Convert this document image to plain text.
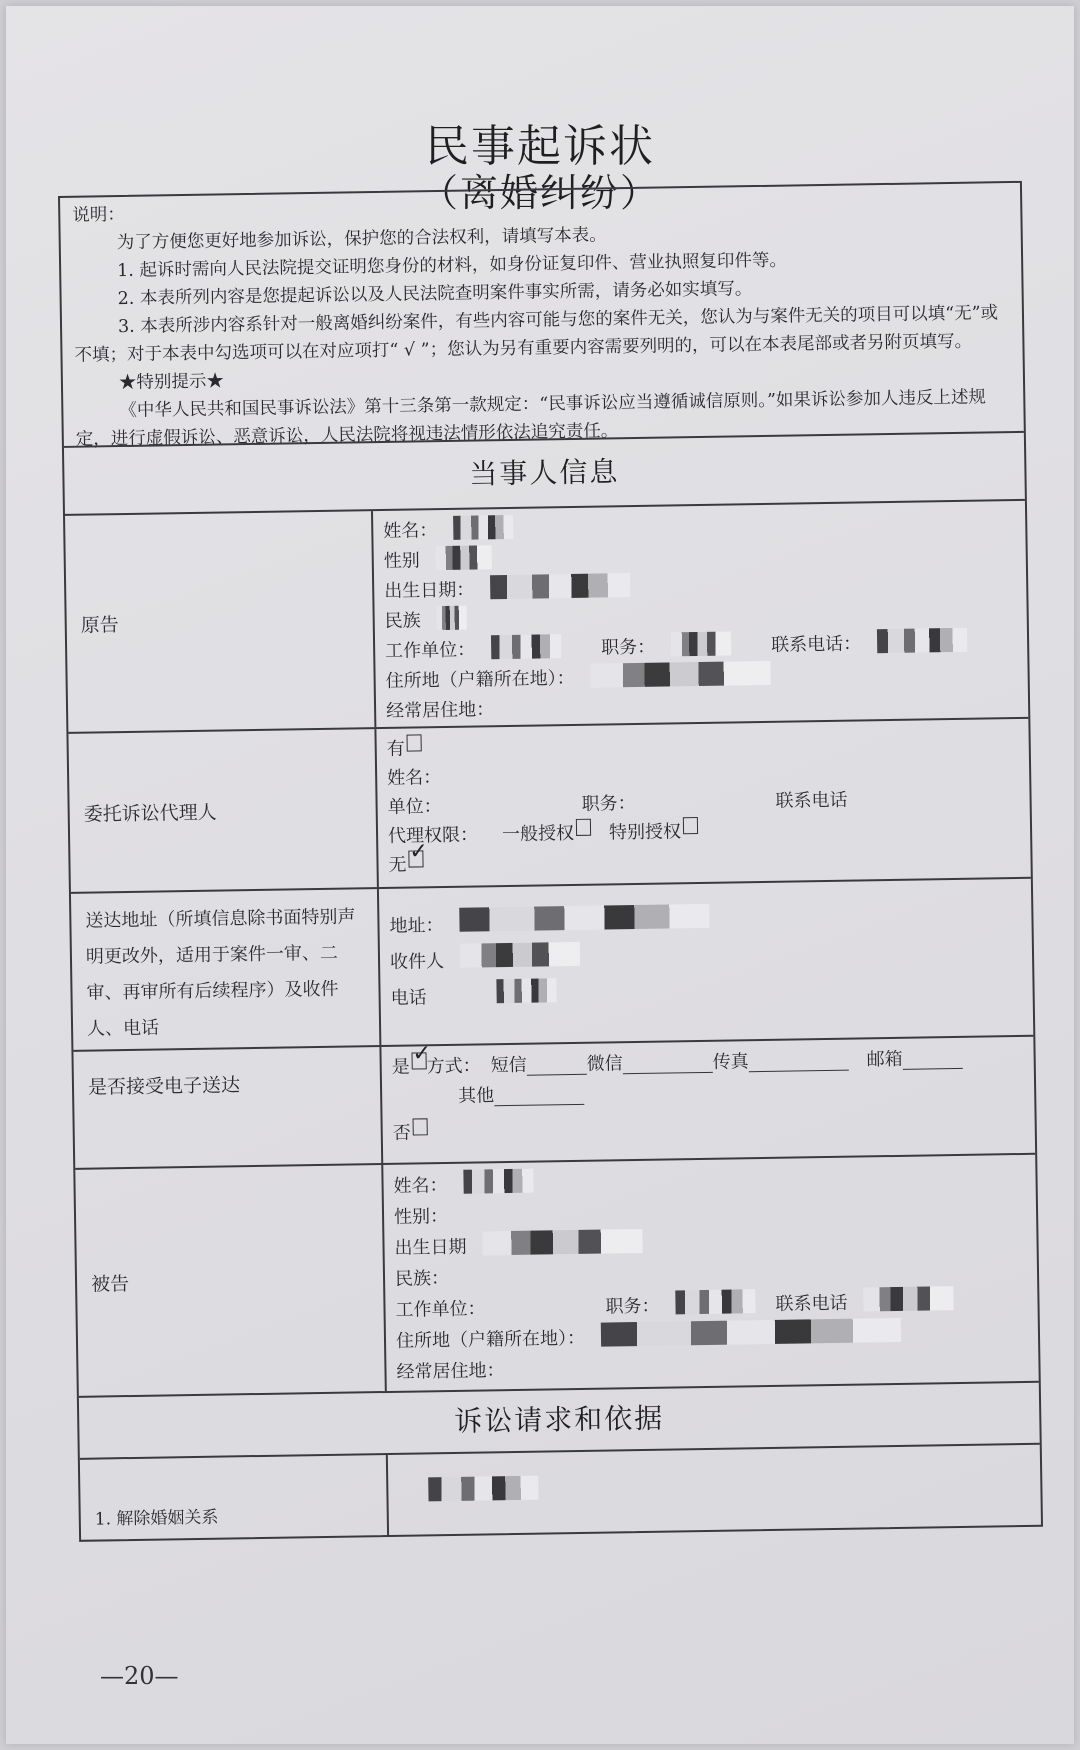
民事起诉状
（离婚纠纷）
说明：
为了方便您更好地参加诉讼，保护您的合法权利，请填写本表。
1. 起诉时需向人民法院提交证明您身份的材料，如身份证复印件、营业执照复印件等。
2. 本表所列内容是您提起诉讼以及人民法院查明案件事实所需，请务必如实填写。
3. 本表所涉内容系针对一般离婚纠纷案件，有些内容可能与您的案件无关，您认为与案件无关的项目可以填“无”或不填；对于本表中勾选项可以在对应项打“ √ ”；您认为另有重要内容需要列明的，可以在本表尾部或者另附页填写。
★特别提示★
《中华人民共和国民事诉讼法》第十三条第一款规定：“民事诉讼应当遵循诚信原则。”如果诉讼参加人违反上述规定，进行虚假诉讼、恶意诉讼，人民法院将视违法情形依法追究责任。
当事人信息
原告
姓名：
性别
出生日期：
民族
工作单位：	职务：	联系电话：
住所地（户籍所在地）：
经常居住地：
委托诉讼代理人
有
姓名：
单位：	职务：	联系电话
代理权限： 一般授权 特别授权
无
✓
送达地址（所填信息除书面特别声明更改外，适用于案件一审、二审、再审所有后续程序）及收件人、电话
地址：
收件人
电话
是否接受电子送达
是
✓ 方式： 短信	微信	传真	邮箱
其他
否
被告
姓名：
性别：
出生日期
民族：
工作单位：	职务：	联系电话
住所地（户籍所在地）：
经常居住地：
诉讼请求和依据
1. 解除婚姻关系
—20—
